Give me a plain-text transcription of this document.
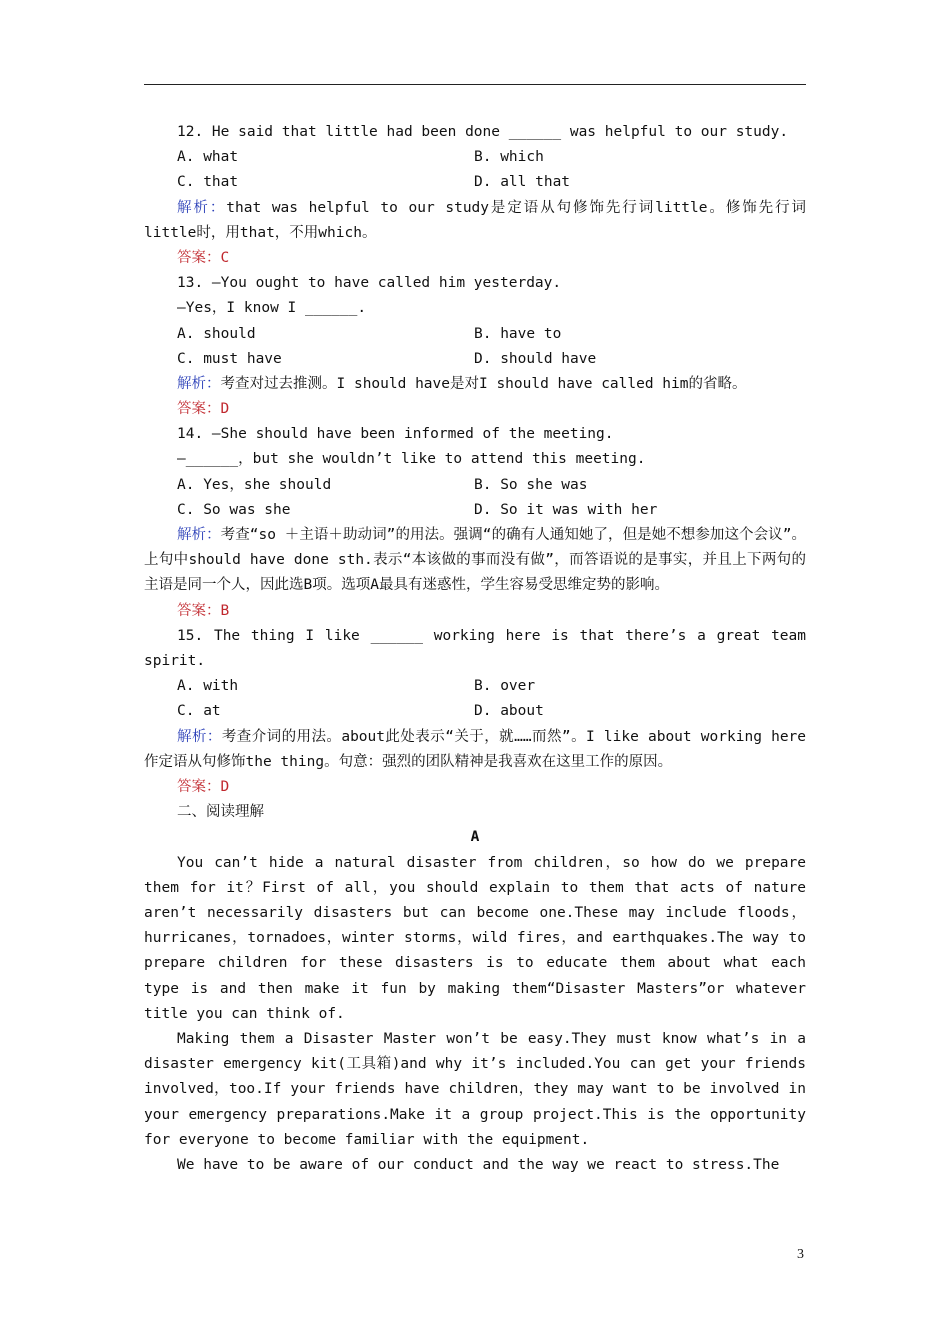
12. He said that little had been done ______ was helpful to our study.
A. what	B. which
C. that	D. all that
解析：that was helpful to our study是定语从句修饰先行词little。修饰先行词little时，用that，不用which。
答案：C
13. —You ought to have called him yesterday.
—Yes，I know I ______.
A. should	B. have to
C. must have	D. should have
解析：考查对过去推测。I should have是对I should have called him的省略。
答案：D
14. —She should have been informed of the meeting.
—______，but she wouldn’t like to attend this meeting.
A. Yes，she should	B. So she was
C. So was she	D. So it was with her
解析：考查“so ＋主语＋助动词”的用法。强调“的确有人通知她了，但是她不想参加这个会议”。上句中should have done sth.表示“本该做的事而没有做”，而答语说的是事实，并且上下两句的主语是同一个人，因此选B项。选项A最具有迷惑性，学生容易受思维定势的影响。
答案：B
15. The thing I like ______ working here is that there’s a great team spirit.
A. with	B. over
C. at	D. about
解析：考查介词的用法。about此处表示“关于，就……而然”。I like about working here作定语从句修饰the thing。句意：强烈的团队精神是我喜欢在这里工作的原因。
答案：D
二、阅读理解
A
You can’t hide a natural disaster from children，so how do we prepare them for it？First of all，you should explain to them that acts of nature aren’t necessarily disasters but can become one.These may include floods，hurricanes，tornadoes，winter storms，wild fires，and earthquakes.The way to prepare children for these disasters is to educate them about what each type is and then make it fun by making them“Disaster Masters”or whatever title you can think of.
Making them a Disaster Master won’t be easy.They must know what’s in a disaster emergency kit(工具箱)and why it’s included.You can get your friends involved，too.If your friends have children，they may want to be involved in your emergency preparations.Make it a group project.This is the opportunity for everyone to become familiar with the equipment.
We have to be aware of our conduct and the way we react to stress.The
3
